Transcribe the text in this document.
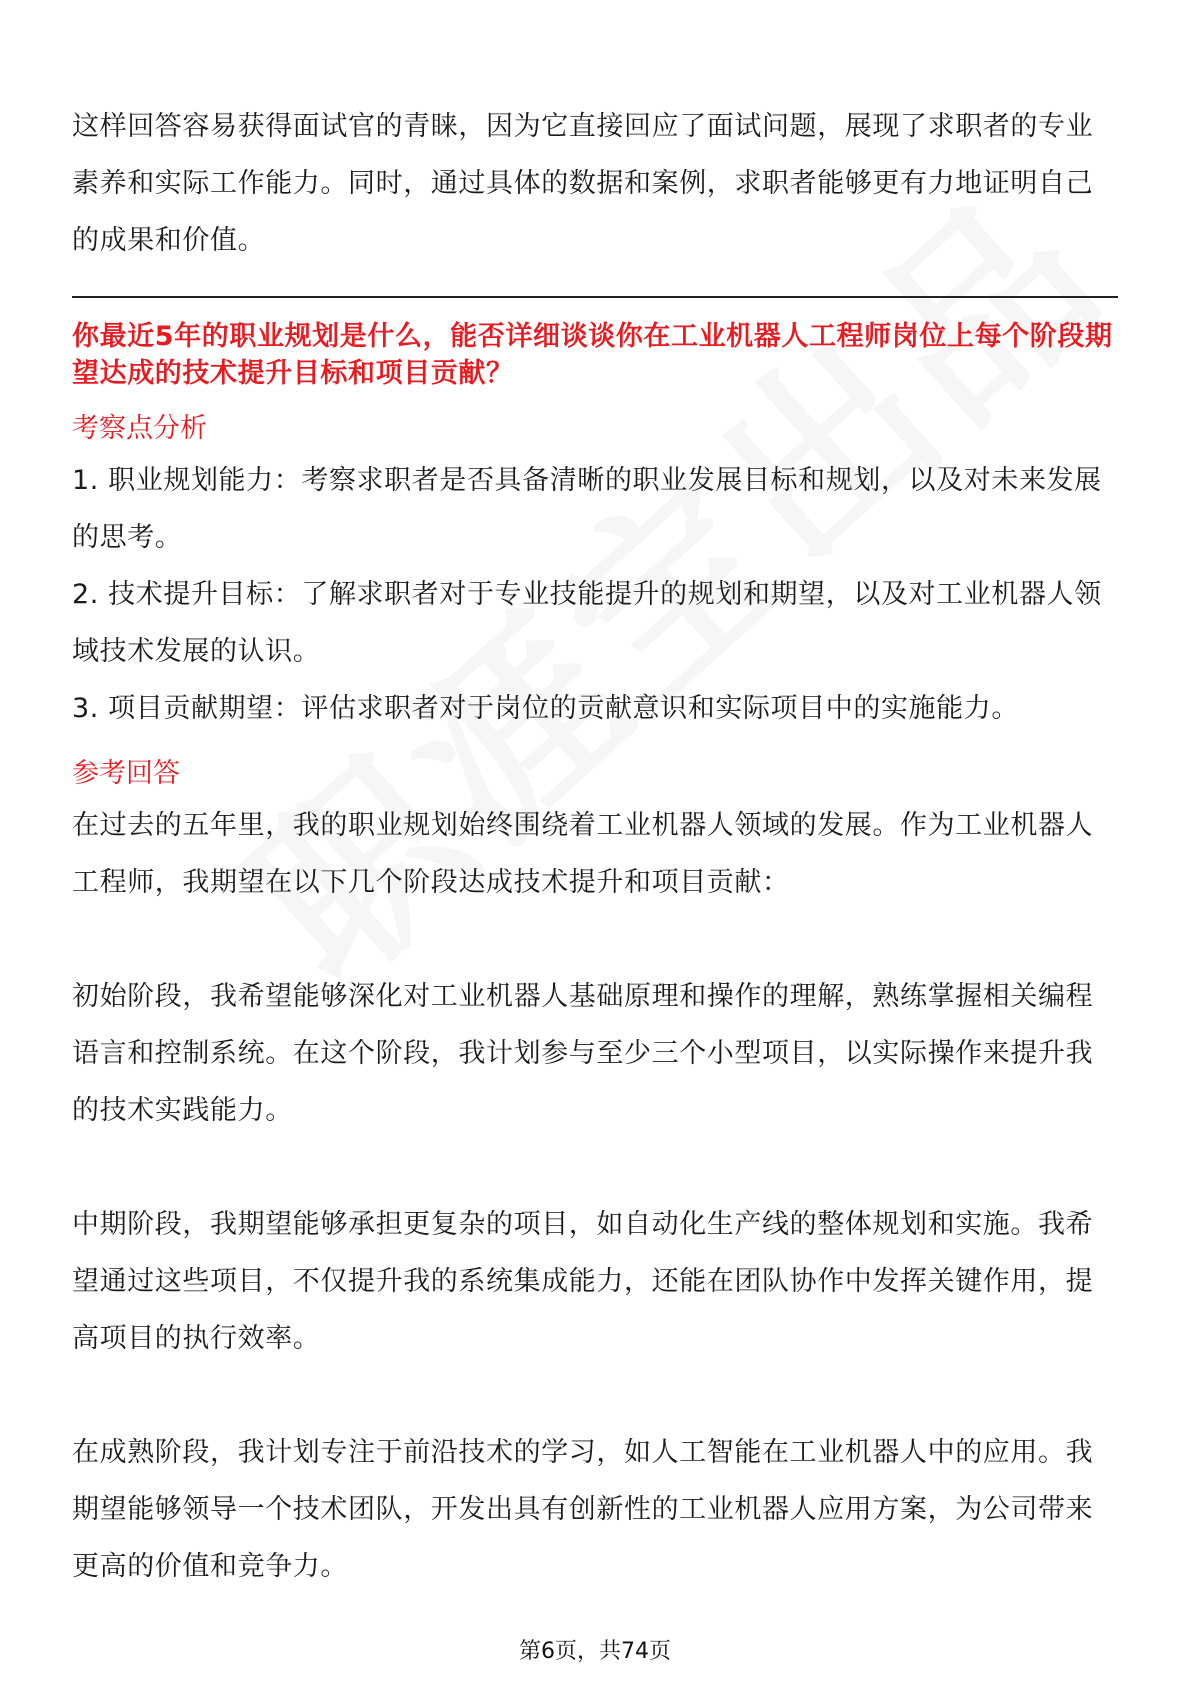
这样回答容易获得面试官的青睐，因为它直接回应了面试问题，展现了求职者的专业素养和实际工作能力。同时，通过具体的数据和案例，求职者能够更有力地证明自己的成果和价值。

你最近5年的职业规划是什么，能否详细谈谈你在工业机器人工程师岗位上每个阶段期望达成的技术提升目标和项目贡献？

考察点分析

1. 职业规划能力：考察求职者是否具备清晰的职业发展目标和规划，以及对未来发展的思考。

2. 技术提升目标：了解求职者对于专业技能提升的规划和期望，以及对工业机器人领域技术发展的认识。

3. 项目贡献期望：评估求职者对于岗位的贡献意识和实际项目中的实施能力。

参考回答

在过去的五年里，我的职业规划始终围绕着工业机器人领域的发展。作为工业机器人工程师，我期望在以下几个阶段达成技术提升和项目贡献：

初始阶段，我希望能够深化对工业机器人基础原理和操作的理解，熟练掌握相关编程语言和控制系统。在这个阶段，我计划参与至少三个小型项目，以实际操作来提升我的技术实践能力。

中期阶段，我期望能够承担更复杂的项目，如自动化生产线的整体规划和实施。我希望通过这些项目，不仅提升我的系统集成能力，还能在团队协作中发挥关键作用，提高项目的执行效率。

在成熟阶段，我计划专注于前沿技术的学习，如人工智能在工业机器人中的应用。我期望能够领导一个技术团队，开发出具有创新性的工业机器人应用方案，为公司带来更高的价值和竞争力。

第6页，共74页
